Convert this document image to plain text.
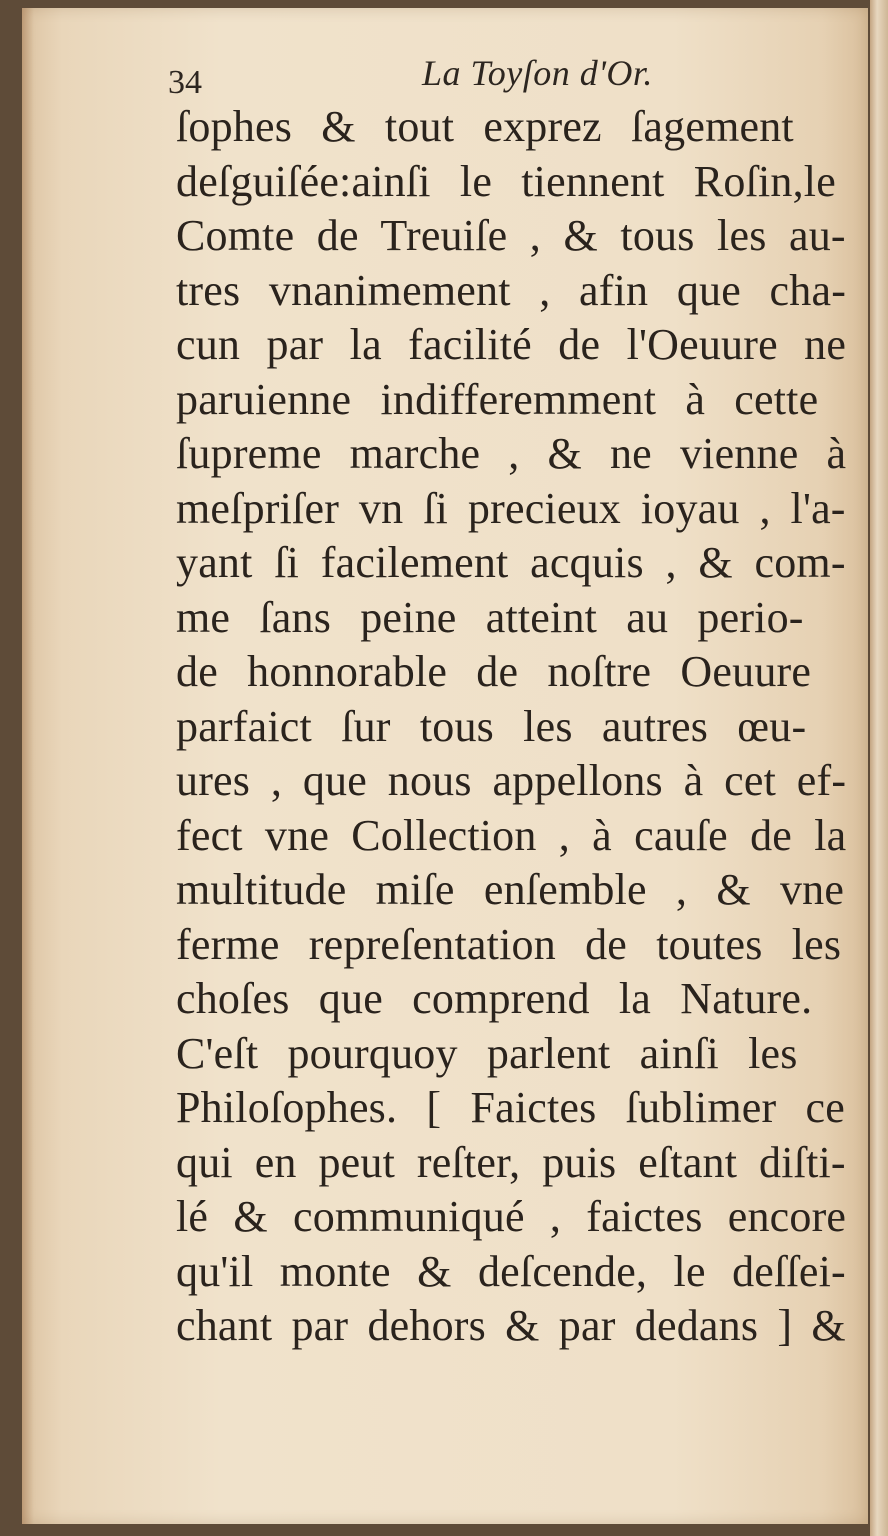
34	La Toyſon d'Or.
ſophes & tout exprez ſagement
deſguiſée:ainſi le tiennent Roſin,le
Comte de Treuiſe , & tous les au-
tres vnanimement , afin que cha-
cun par la facilité de l'Oeuure ne
paruienne indifferemment à cette
ſupreme marche , & ne vienne à
meſpriſer vn ſi precieux ioyau , l'a-
yant ſi facilement acquis , & com-
me ſans peine atteint au perio-
de honnorable de noſtre Oeuure
parfaict ſur tous les autres œu-
ures , que nous appellons à cet ef-
fect vne Collection , à cauſe de la
multitude miſe enſemble , & vne
ferme repreſentation de toutes les
choſes que comprend la Nature.
C'eſt pourquoy parlent ainſi les
Philoſophes. [ Faictes ſublimer ce
qui en peut reſter, puis eſtant diſti-
lé & communiqué , faictes encore
qu'il monte & deſcende, le deſſei-
chant par dehors & par dedans ] &
